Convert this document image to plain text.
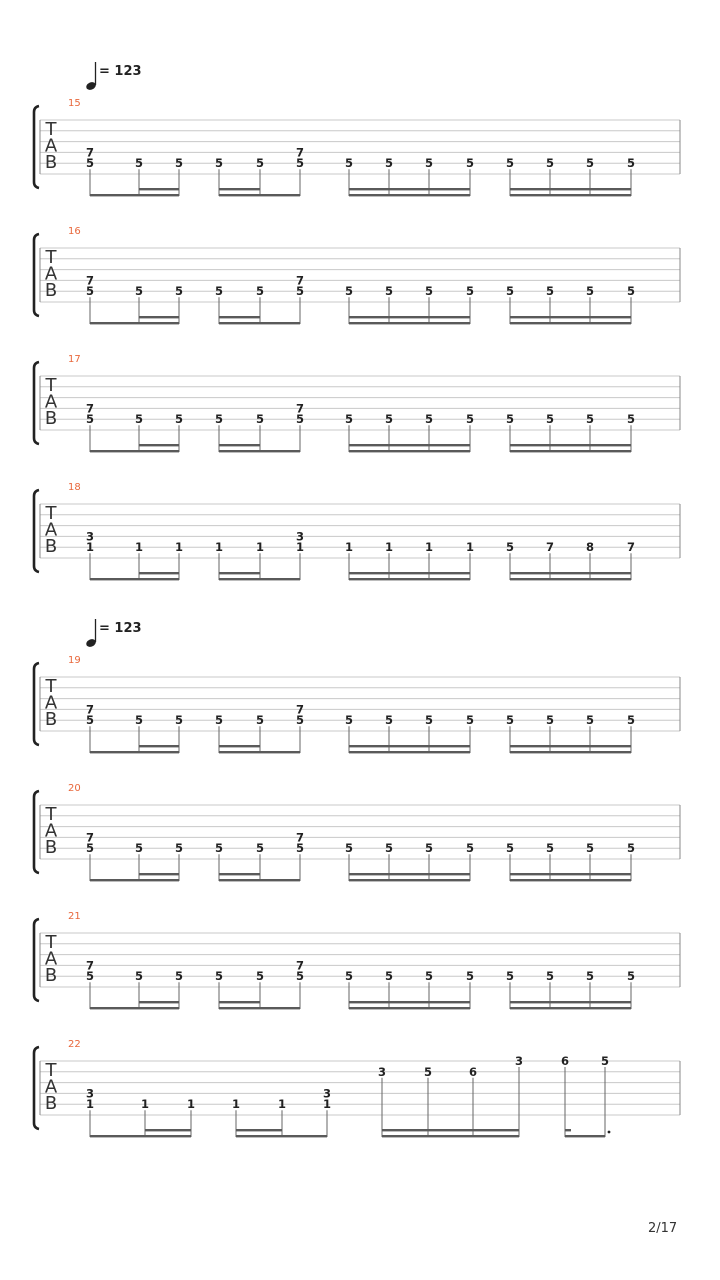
= 123
= 123
T
A
B
15
7
5	5	5	5	5
7
5	5	5	5	5	5	5	5	5
T
A
B
16
7
5	5	5	5	5
7
5	5	5	5	5	5	5	5	5
T
A
B
17
7
5	5	5	5	5
7
5	5	5	5	5	5	5	5	5
T
A
B
18
3
1	1	1	1	1
3
1	1	1	1	1	5	7	8	7
T
A
B
19
7
5	5	5	5	5
7
5	5	5	5	5	5	5	5	5
T
A
B
20
7
5	5	5	5	5
7
5	5	5	5	5	5	5	5	5
T
A
B
21
7
5	5	5	5	5
7
5	5	5	5	5	5	5	5	5
T
A
B
22
3
1	1	1	1	1
3
1
3	5	6
3	6	5
2/17
